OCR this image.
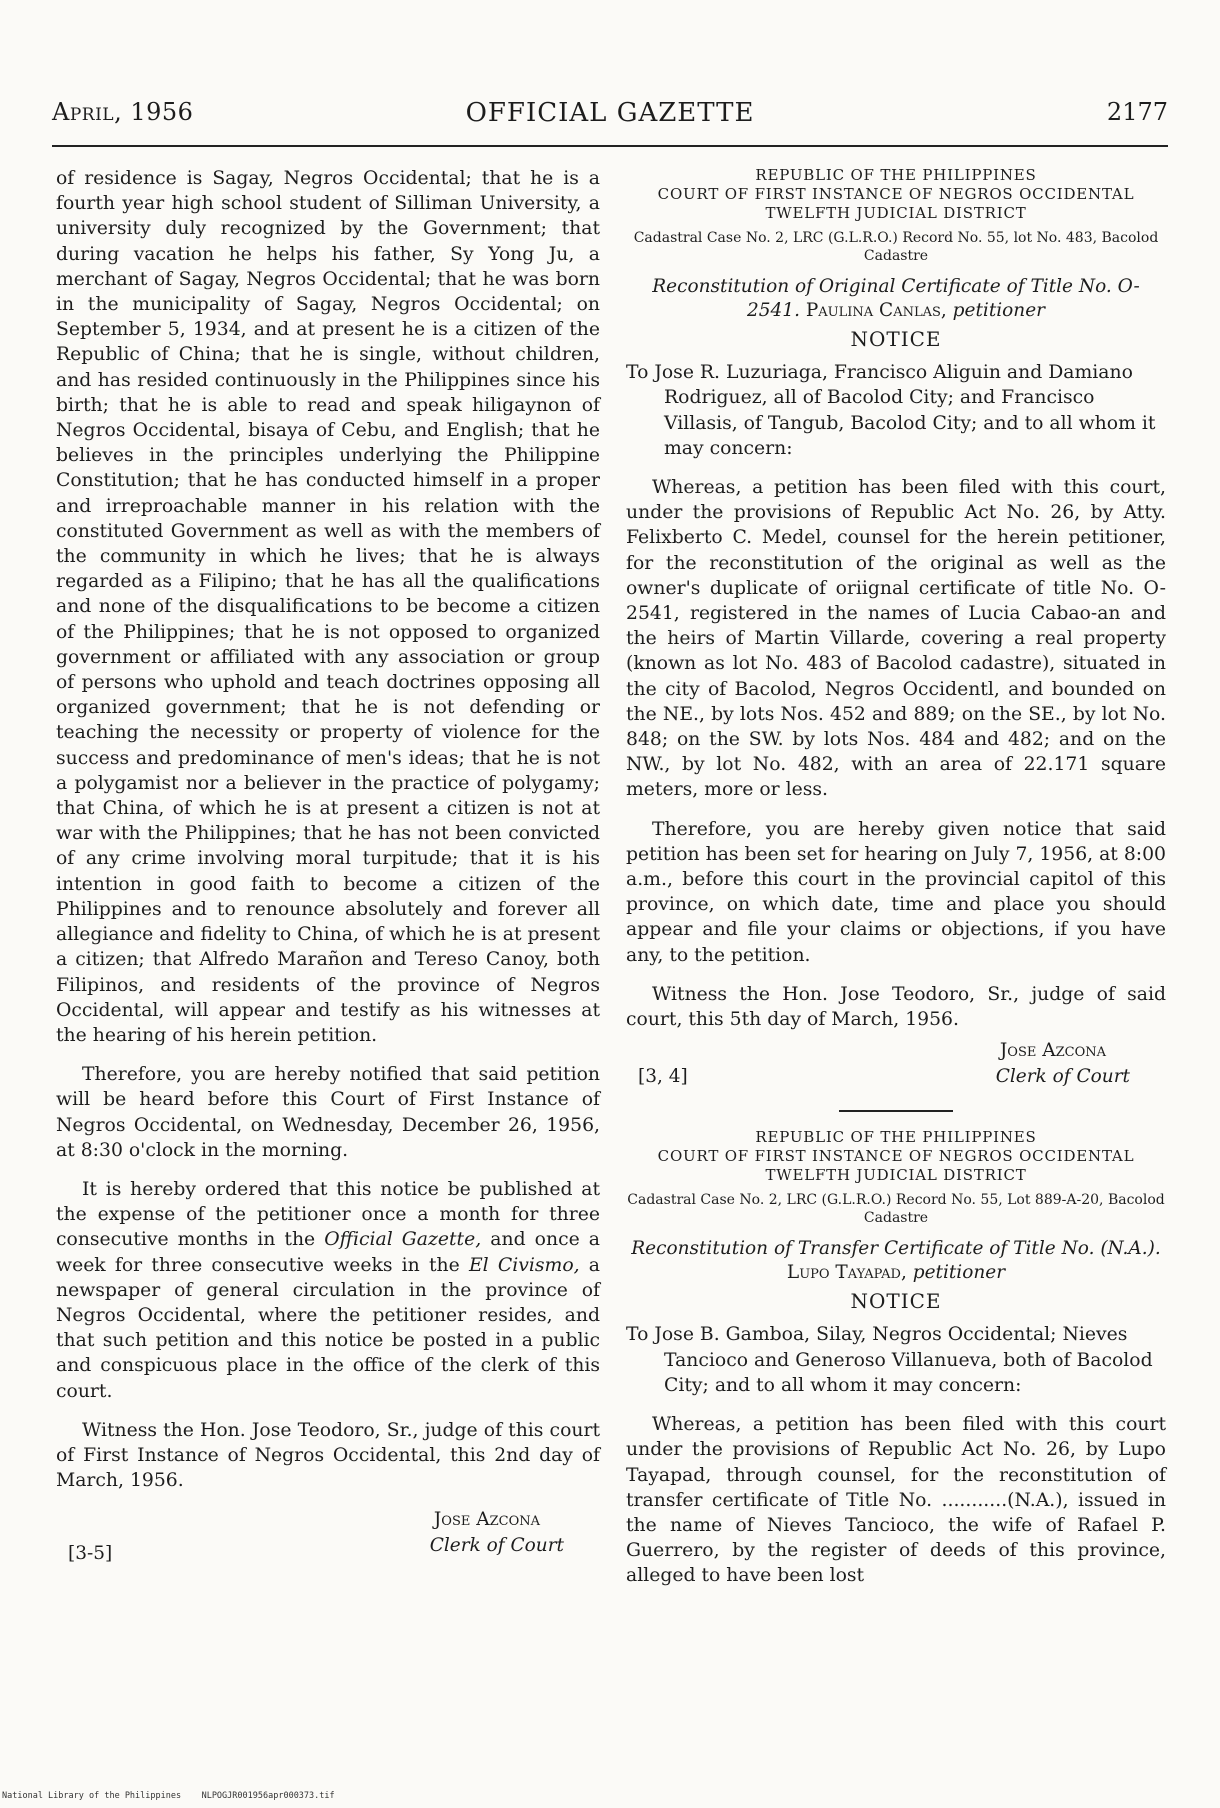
April, 1956	OFFICIAL GAZETTE	2177

of residence is Sagay, Negros Occidental; that he is a fourth year high school student of Silliman University, a university duly recognized by the Government; that during vacation he helps his father, Sy Yong Ju, a merchant of Sagay, Negros Occidental; that he was born in the municipality of Sagay, Negros Occidental; on September 5, 1934, and at present he is a citizen of the Republic of China; that he is single, without children, and has resided continuously in the Philippines since his birth; that he is able to read and speak hiligaynon of Negros Occidental, bisaya of Cebu, and English; that he believes in the principles underlying the Philippine Constitution; that he has conducted himself in a proper and irreproachable manner in his relation with the constituted Government as well as with the members of the community in which he lives; that he is always regarded as a Filipino; that he has all the qualifications and none of the disqualifications to be become a citizen of the Philippines; that he is not opposed to organized government or affiliated with any association or group of persons who uphold and teach doctrines opposing all organized government; that he is not defending or teaching the necessity or property of violence for the success and predominance of men's ideas; that he is not a polygamist nor a believer in the practice of polygamy; that China, of which he is at present a citizen is not at war with the Philippines; that he has not been convicted of any crime involving moral turpitude; that it is his intention in good faith to become a citizen of the Philippines and to renounce absolutely and forever all allegiance and fidelity to China, of which he is at present a citizen; that Alfredo Marañon and Tereso Canoy, both Filipinos, and residents of the province of Negros Occidental, will appear and testify as his witnesses at the hearing of his herein petition.

Therefore, you are hereby notified that said petition will be heard before this Court of First Instance of Negros Occidental, on Wednesday, December 26, 1956, at 8:30 o'clock in the morning.

It is hereby ordered that this notice be published at the expense of the petitioner once a month for three consecutive months in the Official Gazette, and once a week for three consecutive weeks in the El Civismo, a newspaper of general circulation in the province of Negros Occidental, where the petitioner resides, and that such petition and this notice be posted in a public and conspicuous place in the office of the clerk of this court.

Witness the Hon. Jose Teodoro, Sr., judge of this court of First Instance of Negros Occidental, this 2nd day of March, 1956.

Jose Azcona
Clerk of Court
[3-5]
REPUBLIC OF THE PHILIPPINES
COURT OF FIRST INSTANCE OF NEGROS OCCIDENTAL
TWELFTH JUDICIAL DISTRICT
Cadastral Case No. 2, LRC (G.L.R.O.) Record No. 55, lot No. 483, Bacolod Cadastre
Reconstitution of Original Certificate of Title No. O-2541. Paulina Canlas, petitioner
NOTICE

To Jose R. Luzuriaga, Francisco Aliguin and Damiano Rodriguez, all of Bacolod City; and Francisco Villasis, of Tangub, Bacolod City; and to all whom it may concern:

Whereas, a petition has been filed with this court, under the provisions of Republic Act No. 26, by Atty. Felixberto C. Medel, counsel for the herein petitioner, for the reconstitution of the original as well as the owner's duplicate of oriignal certificate of title No. O-2541, registered in the names of Lucia Cabao-an and the heirs of Martin Villarde, covering a real property (known as lot No. 483 of Bacolod cadastre), situated in the city of Bacolod, Negros Occidentl, and bounded on the NE., by lots Nos. 452 and 889; on the SE., by lot No. 848; on the SW. by lots Nos. 484 and 482; and on the NW., by lot No. 482, with an area of 22.171 square meters, more or less.

Therefore, you are hereby given notice that said petition has been set for hearing on July 7, 1956, at 8:00 a.m., before this court in the provincial capitol of this province, on which date, time and place you should appear and file your claims or objections, if you have any, to the petition.

Witness the Hon. Jose Teodoro, Sr., judge of said court, this 5th day of March, 1956.

Jose Azcona
Clerk of Court
[3, 4]
REPUBLIC OF THE PHILIPPINES
COURT OF FIRST INSTANCE OF NEGROS OCCIDENTAL
TWELFTH JUDICIAL DISTRICT
Cadastral Case No. 2, LRC (G.L.R.O.) Record No. 55, Lot 889-A-20, Bacolod Cadastre
Reconstitution of Transfer Certificate of Title No. (N.A.). Lupo Tayapad, petitioner
NOTICE

To Jose B. Gamboa, Silay, Negros Occidental; Nieves Tancioco and Generoso Villanueva, both of Bacolod City; and to all whom it may concern:

Whereas, a petition has been filed with this court under the provisions of Republic Act No. 26, by Lupo Tayapad, through counsel, for the reconstitution of transfer certificate of Title No. ...........(N.A.), issued in the name of Nieves Tancioco, the wife of Rafael P. Guerrero, by the register of deeds of this province, alleged to have been lost

National Library of the Philippines    NLPOGJR001956apr000373.tif
